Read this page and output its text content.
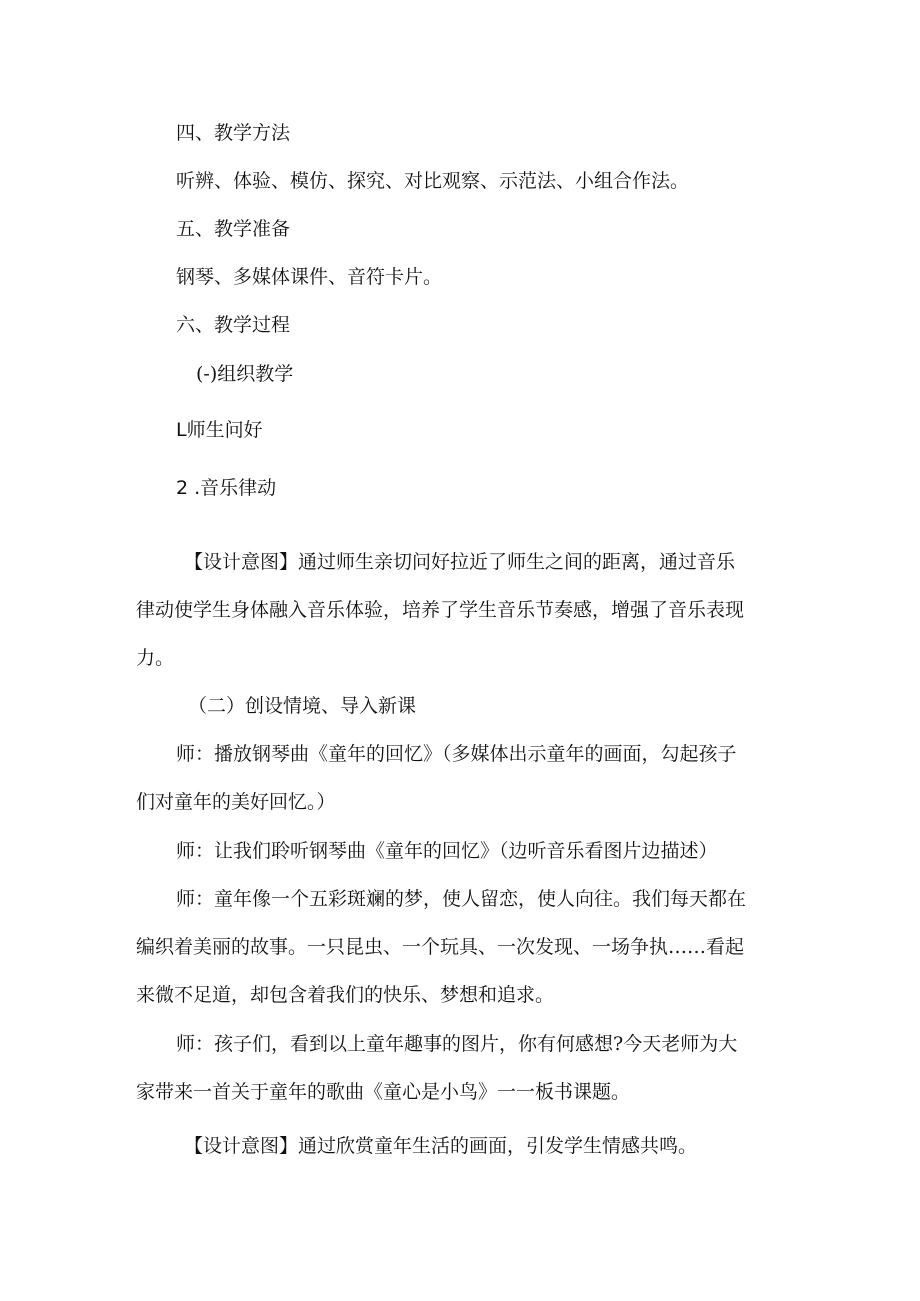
四、教学方法
听辨、体验、模仿、探究、对比观察、示范法、小组合作法。
五、教学准备
钢琴、多媒体课件、音符卡片。
六、教学过程
(-)组织教学
L师生问好
2 .音乐律动
【设计意图】通过师生亲切问好拉近了师生之间的距离，通过音乐
律动使学生身体融入音乐体验，培养了学生音乐节奏感，增强了音乐表现
力。
（二）创设情境、导入新课
师：播放钢琴曲《童年的回忆》（多媒体出示童年的画面，勾起孩子
们对童年的美好回忆。）
师：让我们聆听钢琴曲《童年的回忆》（边听音乐看图片边描述）
师：童年像一个五彩斑斓的梦，使人留恋，使人向往。我们每天都在
编织着美丽的故事。一只昆虫、一个玩具、一次发现、一场争执……看起
来微不足道，却包含着我们的快乐、梦想和追求。
师：孩子们，看到以上童年趣事的图片，你有何感想?今天老师为大
家带来一首关于童年的歌曲《童心是小鸟》一一板书课题。
【设计意图】通过欣赏童年生活的画面，引发学生情感共鸣。
